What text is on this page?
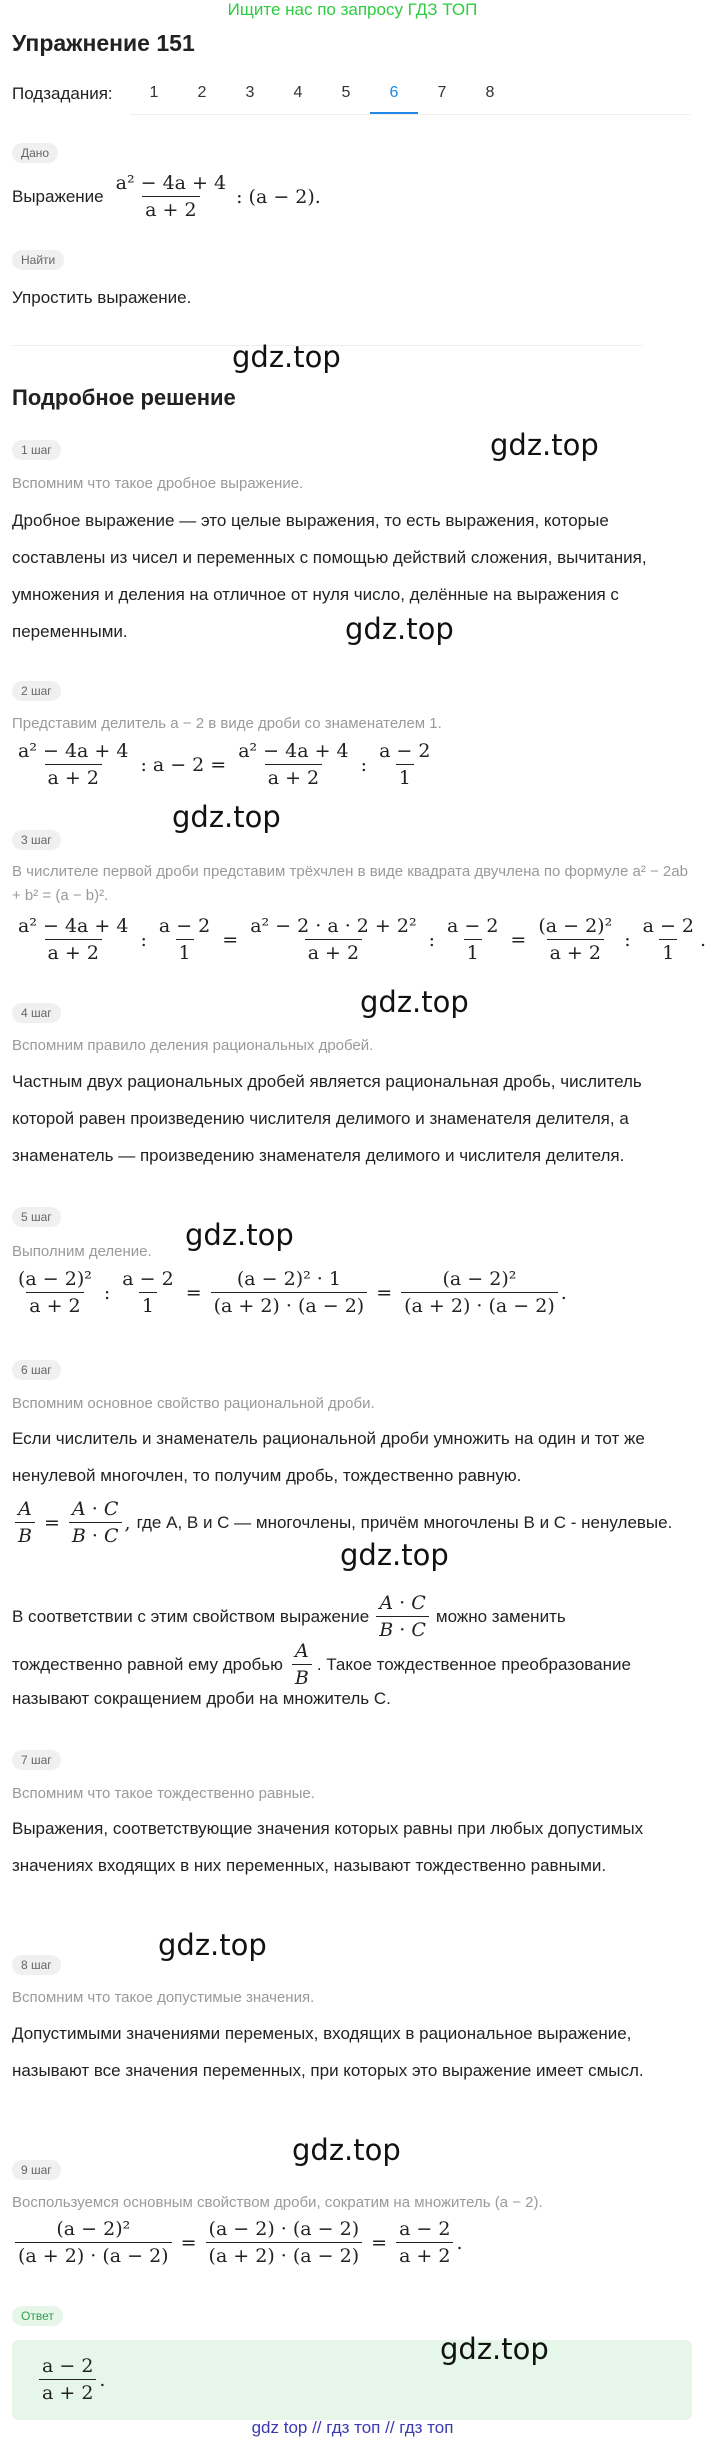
Ищите нас по запросу ГДЗ ТОП
Упражнение 151
Подзадания:	1	2	3	4	5	6	7	8
Дано
Выражение $\frac{\text{a² − 4a + 4}}{a + 2}$ : (a − 2).
Найти
Упростить выражение.
gdz.top
Подробное решение
gdz.top
1 шаг
Вспомним что такое дробное выражение.
Дробное выражение — это целые выражения, то есть выражения, которые составлены из чисел и переменных с помощью действий сложения, вычитания, умножения и деления на отличное от нуля число, делённые на выражения с переменными.	gdz.top
2 шаг
Представим делитель a − 2 в виде дроби со знаменателем 1.
$\frac{\text{a² − 4a + 4}}{a + 2}$ : $a - 2 = \frac{\text{a² − 4a + 4}}{a + 2}$ : $\frac{a - 2}{1}$
gdz.top
3 шаг
В числителе первой дроби представим трёхчлен в виде квадрата двучлена по формуле a² − 2ab + b² = (a − b)².
$\frac{\text{a² − 4a + 4}}{a + 2}$ : $\frac{a - 2}{1} = \frac{\text{a² − 2 · a · 2 + 2²}}{a + 2}$ : $\frac{a - 2}{1} = \frac{\text{(a − 2)²}}{a + 2}$ : $\frac{a - 2}{1}$ .
gdz.top
4 шаг
Вспомним правило деления рациональных дробей.
Частным двух рациональных дробей является рациональная дробь, числитель которой равен произведению числителя делимого и знаменателя делителя, а знаменатель — произведению знаменателя делимого и числителя делителя.
5 шаг
gdz.top
Выполним деление.
$\frac{\text{(a − 2)²}}{a + 2}$ : $\frac{a - 2}{1} = \frac{\text{(a − 2)² · 1}}{(a + 2) \cdot (a - 2)} = \frac{\text{(a − 2)²}}{(a + 2) \cdot (a - 2)}$ .
6 шаг
Вспомним основное свойство рациональной дроби.
Если числитель и знаменатель рациональной дроби умножить на один и тот же ненулевой многочлен, то получим дробь, тождественно равную.
$\frac{A}{B} = \frac{A \cdot C}{B \cdot C}$ , где A, B и C — многочлены, причём многочлены B и C - ненулевые.
gdz.top
В соответствии с этим свойством выражение $\frac{A \cdot C}{B \cdot C}$ можно заменить
тождественно равной ему дробью $\frac{A}{B}$ . Такое тождественное преобразование
называют сокращением дроби на множитель C.
7 шаг
Вспомним что такое тождественно равные.
Выражения, соответствующие значения которых равны при любых допустимых значениях входящих в них переменных, называют тождественно равными.
gdz.top
8 шаг
Вспомним что такое допустимые значения.
Допустимыми значениями переменых, входящих в рациональное выражение, называют все значения переменных, при которых это выражение имеет смысл.
gdz.top
9 шаг
Воспользуемся основным свойством дроби, сократим на множитель (a − 2).
$\frac{\text{(a − 2)²}}{(a + 2) \cdot (a - 2)} = \frac{(a - 2) \cdot (a - 2)}{(a + 2) \cdot (a - 2)} = \frac{a - 2}{a + 2}$ .
Ответ
$\frac{a - 2}{a + 2}$ .
gdz.top
gdz top // гдз топ // гдз топ
